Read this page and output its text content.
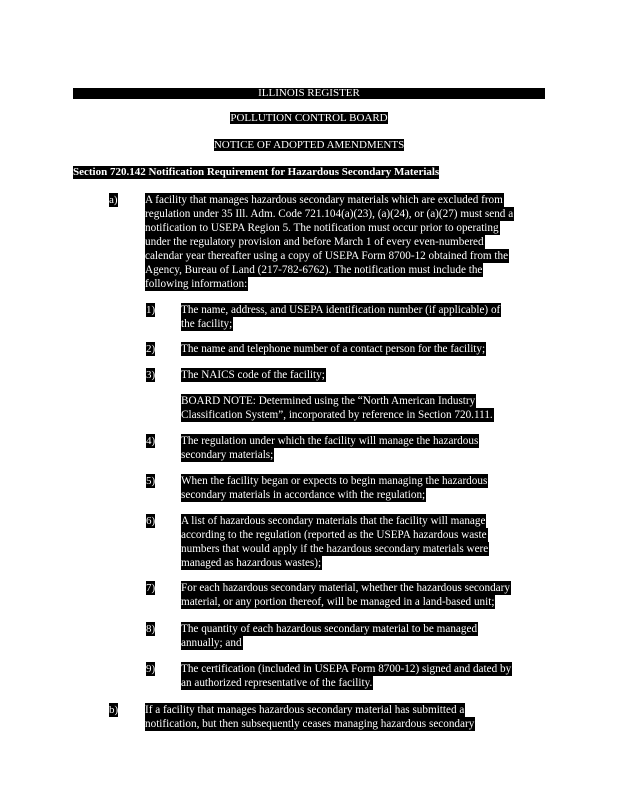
ILLINOIS REGISTER
POLLUTION CONTROL BOARD
NOTICE OF ADOPTED AMENDMENTS
Section 720.142 Notification Requirement for Hazardous Secondary Materials
a) A facility that manages hazardous secondary materials which are excluded from
regulation under 35 Ill. Adm. Code 721.104(a)(23), (a)(24), or (a)(27) must send a
notification to USEPA Region 5. The notification must occur prior to operating
under the regulatory provision and before March 1 of every even-numbered
calendar year thereafter using a copy of USEPA Form 8700-12 obtained from the
Agency, Bureau of Land (217-782-6762). The notification must include the
following information:
1) The name, address, and USEPA identification number (if applicable) of
the facility;
2) The name and telephone number of a contact person for the facility;
3) The NAICS code of the facility;
BOARD NOTE: Determined using the “North American Industry
Classification System”, incorporated by reference in Section 720.111.
4) The regulation under which the facility will manage the hazardous
secondary materials;
5) When the facility began or expects to begin managing the hazardous
secondary materials in accordance with the regulation;
6) A list of hazardous secondary materials that the facility will manage
according to the regulation (reported as the USEPA hazardous waste
numbers that would apply if the hazardous secondary materials were
managed as hazardous wastes);
7) For each hazardous secondary material, whether the hazardous secondary
material, or any portion thereof, will be managed in a land-based unit;
8) The quantity of each hazardous secondary material to be managed
annually; and
9) The certification (included in USEPA Form 8700-12) signed and dated by
an authorized representative of the facility.
b) If a facility that manages hazardous secondary material has submitted a
notification, but then subsequently ceases managing hazardous secondary
